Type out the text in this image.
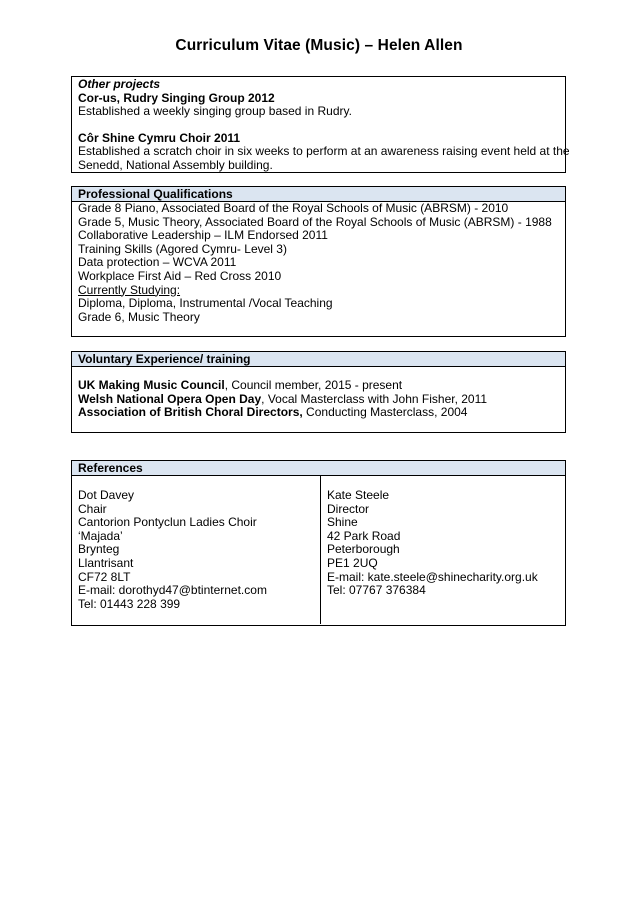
Curriculum Vitae (Music) – Helen Allen
Other projects
Cor-us, Rudry Singing Group 2012
Established a weekly singing group based in Rudry.
Côr Shine Cymru Choir 2011
Established a scratch choir in six weeks to perform at an awareness raising event held at the
Senedd, National Assembly building.
Professional Qualifications
Grade 8 Piano, Associated Board of the Royal Schools of Music (ABRSM) - 2010
Grade 5, Music Theory, Associated Board of the Royal Schools of Music (ABRSM) - 1988
Collaborative Leadership – ILM Endorsed 2011
Training Skills (Agored Cymru- Level 3)
Data protection – WCVA 2011
Workplace First Aid – Red Cross 2010
Currently Studying:
Diploma, Diploma, Instrumental /Vocal Teaching
Grade 6, Music Theory
Voluntary Experience/ training
UK Making Music Council, Council member, 2015 - present
Welsh National Opera Open Day, Vocal Masterclass with John Fisher, 2011
Association of British Choral Directors, Conducting Masterclass, 2004
References
Dot Davey
Chair
Cantorion Pontyclun Ladies Choir
‘Majada’
Brynteg
Llantrisant
CF72 8LT
E-mail: dorothyd47@btinternet.com
Tel: 01443 228 399
Kate Steele
Director
Shine
42 Park Road
Peterborough
PE1 2UQ
E-mail: kate.steele@shinecharity.org.uk
Tel: 07767 376384
